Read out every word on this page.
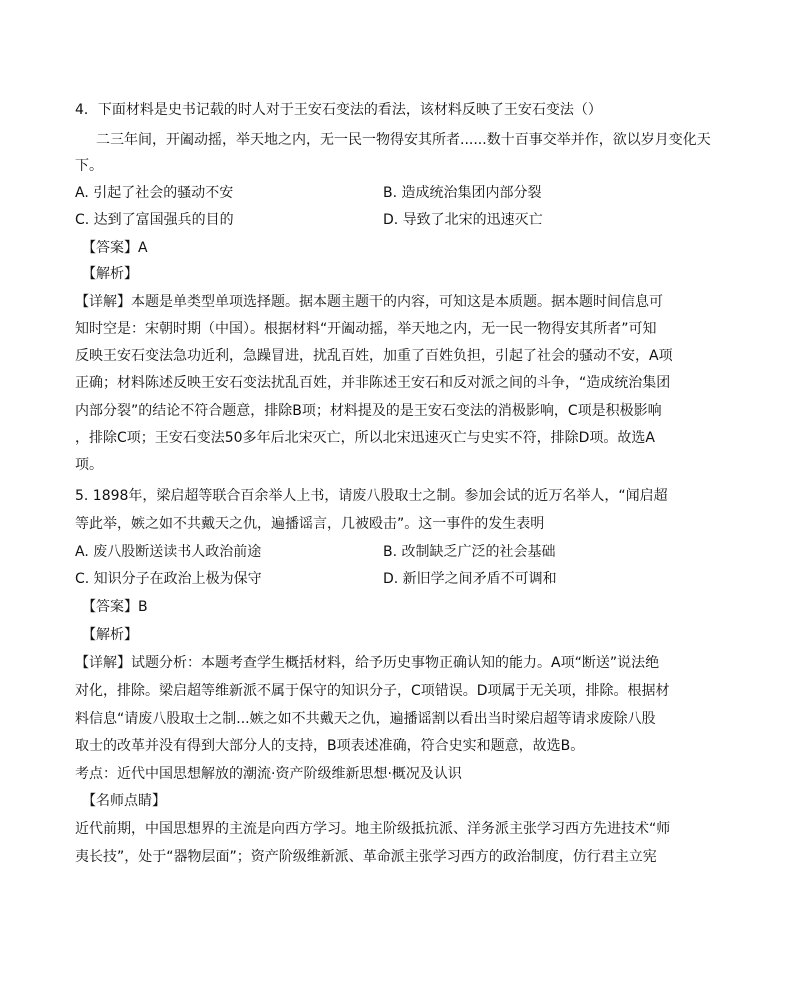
4．下面材料是史书记载的时人对于王安石变法的看法，该材料反映了王安石变法（）
二三年间，开阖动摇，举天地之内，无一民一物得安其所者......数十百事交举并作，欲以岁月变化天
下。
A. 引起了社会的骚动不安	B. 造成统治集团内部分裂
C. 达到了富国强兵的目的	D. 导致了北宋的迅速灭亡
【答案】A
【解析】
【详解】本题是单类型单项选择题。据本题主题干的内容，可知这是本质题。据本题时间信息可
知时空是：宋朝时期（中国）。根据材料“开阖动摇，举天地之内，无一民一物得安其所者”可知
反映王安石变法急功近利，急躁冒进，扰乱百姓，加重了百姓负担，引起了社会的骚动不安，A项
正确；材料陈述反映王安石变法扰乱百姓，并非陈述王安石和反对派之间的斗争，“造成统治集团
内部分裂”的结论不符合题意，排除B项；材料提及的是王安石变法的消极影响，C项是积极影响
，排除C项；王安石变法50多年后北宋灭亡，所以北宋迅速灭亡与史实不符，排除D项。故选A
项。
5. 1898年，梁启超等联合百余举人上书，请废八股取士之制。参加会试的近万名举人，“闻启超
等此举，嫉之如不共戴天之仇，遍播谣言，几被殴击”。这一事件的发生表明
A. 废八股断送读书人政治前途	B. 改制缺乏广泛的社会基础
C. 知识分子在政治上极为保守	D. 新旧学之间矛盾不可调和
【答案】B
【解析】
【详解】试题分析：本题考查学生概括材料，给予历史事物正确认知的能力。A项“断送”说法绝
对化，排除。梁启超等维新派不属于保守的知识分子，C项错误。D项属于无关项，排除。根据材
料信息“请废八股取士之制...嫉之如不共戴天之仇，遍播谣割以看出当时梁启超等请求废除八股
取士的改革并没有得到大部分人的支持，B项表述准确，符合史实和题意，故选B。
考点：近代中国思想解放的潮流·资产阶级维新思想·概况及认识
【名师点睛】
近代前期，中国思想界的主流是向西方学习。地主阶级抵抗派、洋务派主张学习西方先进技术“师
夷长技”，处于“器物层面”；资产阶级维新派、革命派主张学习西方的政治制度，仿行君主立宪
